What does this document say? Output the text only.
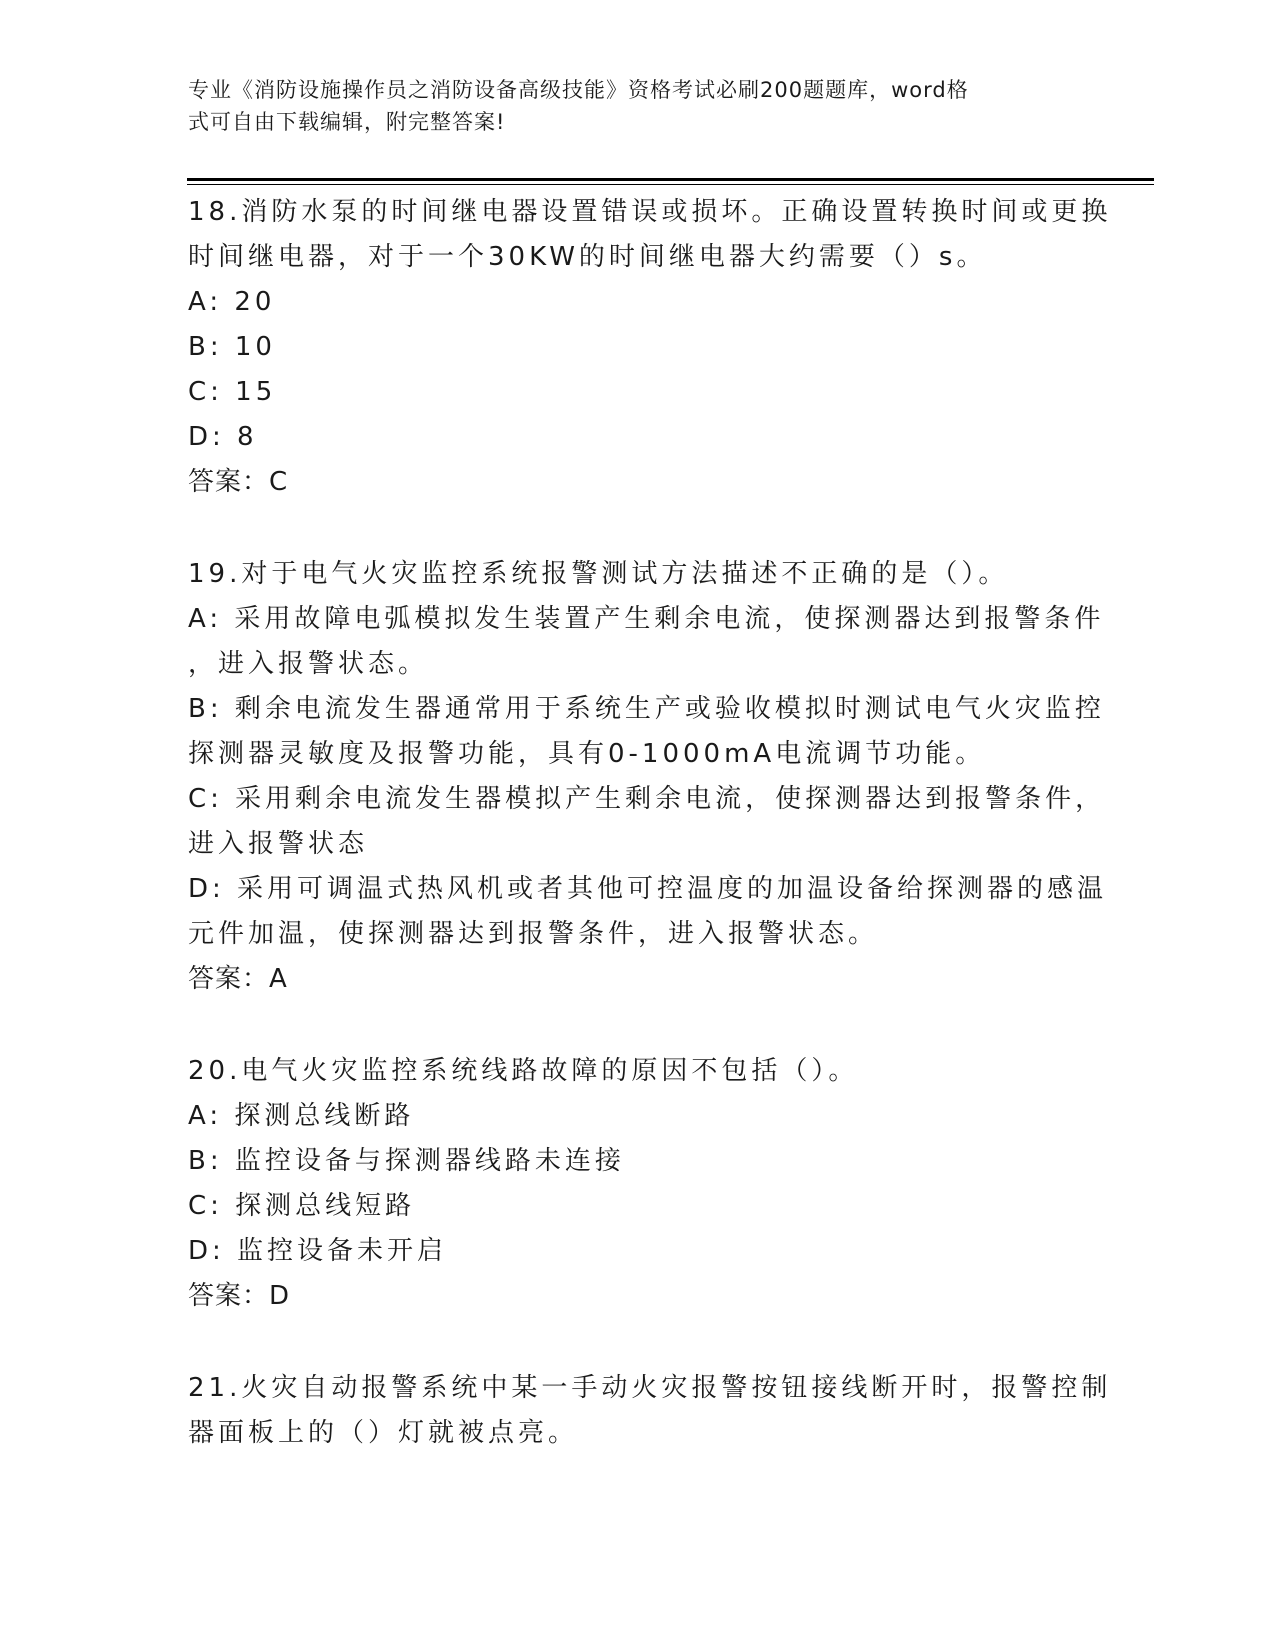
专业《消防设施操作员之消防设备高级技能》资格考试必刷200题题库，word格
式可自由下载编辑，附完整答案!
18.消防水泵的时间继电器设置错误或损坏。正确设置转换时间或更换
时间继电器，对于一个30KW的时间继电器大约需要（）s。
A: 20
B: 10
C: 15
D: 8
答案：C
19.对于电气火灾监控系统报警测试方法描述不正确的是（）。
A: 采用故障电弧模拟发生装置产生剩余电流，使探测器达到报警条件
，进入报警状态。
B: 剩余电流发生器通常用于系统生产或验收模拟时测试电气火灾监控
探测器灵敏度及报警功能，具有0-1000mA电流调节功能。
C: 采用剩余电流发生器模拟产生剩余电流，使探测器达到报警条件，
进入报警状态
D: 采用可调温式热风机或者其他可控温度的加温设备给探测器的感温
元件加温，使探测器达到报警条件，进入报警状态。
答案：A
20.电气火灾监控系统线路故障的原因不包括（）。
A: 探测总线断路
B: 监控设备与探测器线路未连接
C: 探测总线短路
D: 监控设备未开启
答案：D
21.火灾自动报警系统中某一手动火灾报警按钮接线断开时，报警控制
器面板上的（）灯就被点亮。
